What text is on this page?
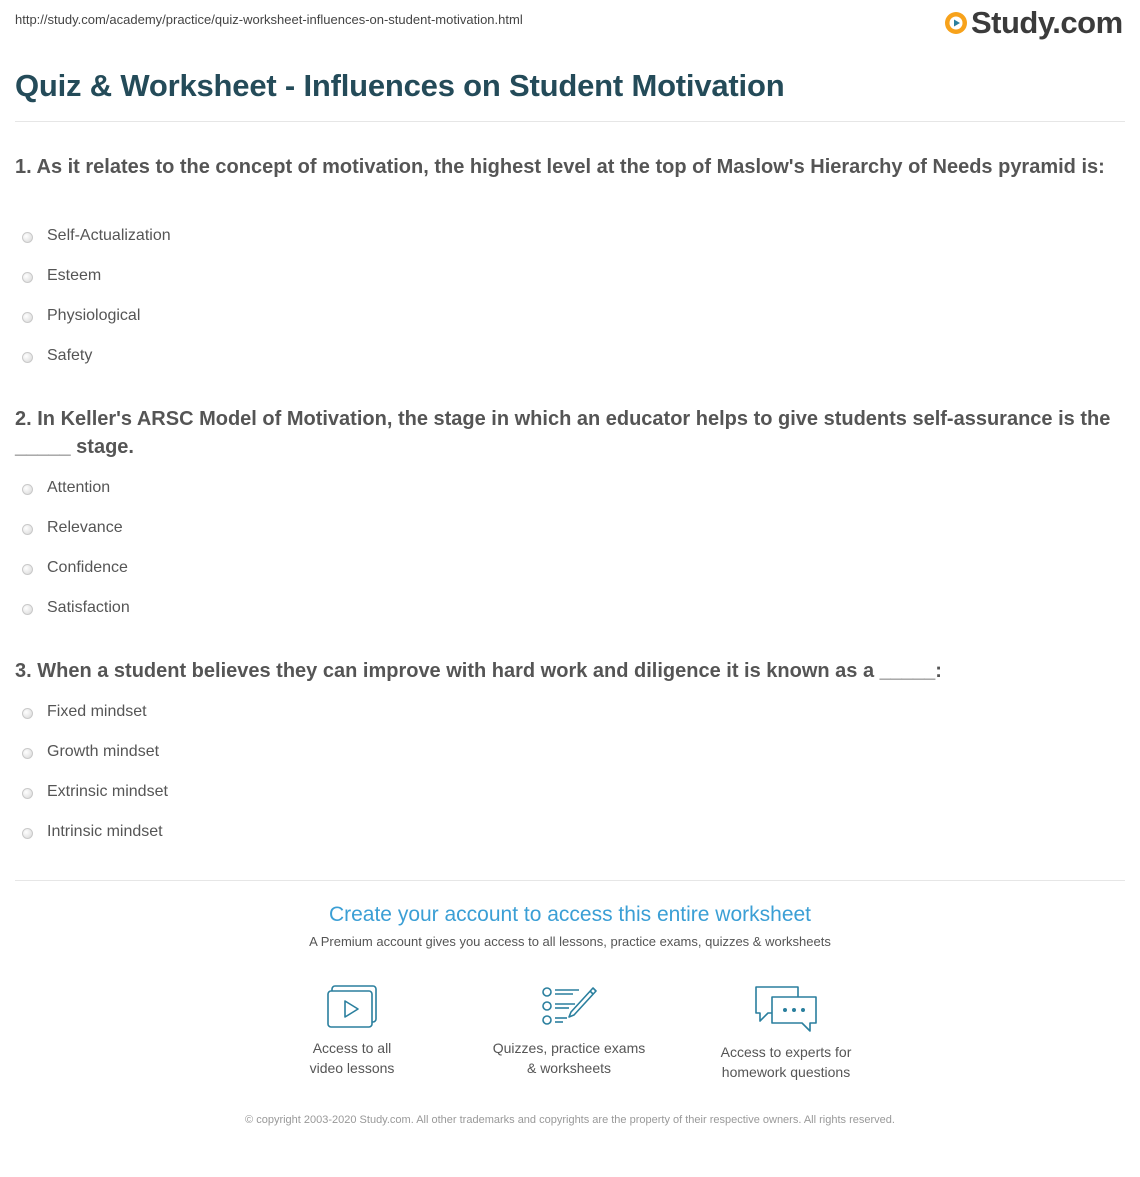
http://study.com/academy/practice/quiz-worksheet-influences-on-student-motivation.html	Study.com
Quiz & Worksheet - Influences on Student Motivation

1. As it relates to the concept of motivation, the highest level at the top of Maslow's Hierarchy of Needs pyramid is:

Self-Actualization
Esteem
Physiological
Safety

2. In Keller's ARSC Model of Motivation, the stage in which an educator helps to give students self-assurance is the _____ stage.

Attention
Relevance
Confidence
Satisfaction

3. When a student believes they can improve with hard work and diligence it is known as a _____:

Fixed mindset
Growth mindset
Extrinsic mindset
Intrinsic mindset
Create your account to access this entire worksheet
A Premium account gives you access to all lessons, practice exams, quizzes & worksheets
Access to all
video lessons
Quizzes, practice exams
& worksheets
Access to experts for
homework questions
© copyright 2003-2020 Study.com. All other trademarks and copyrights are the property of their respective owners. All rights reserved.
